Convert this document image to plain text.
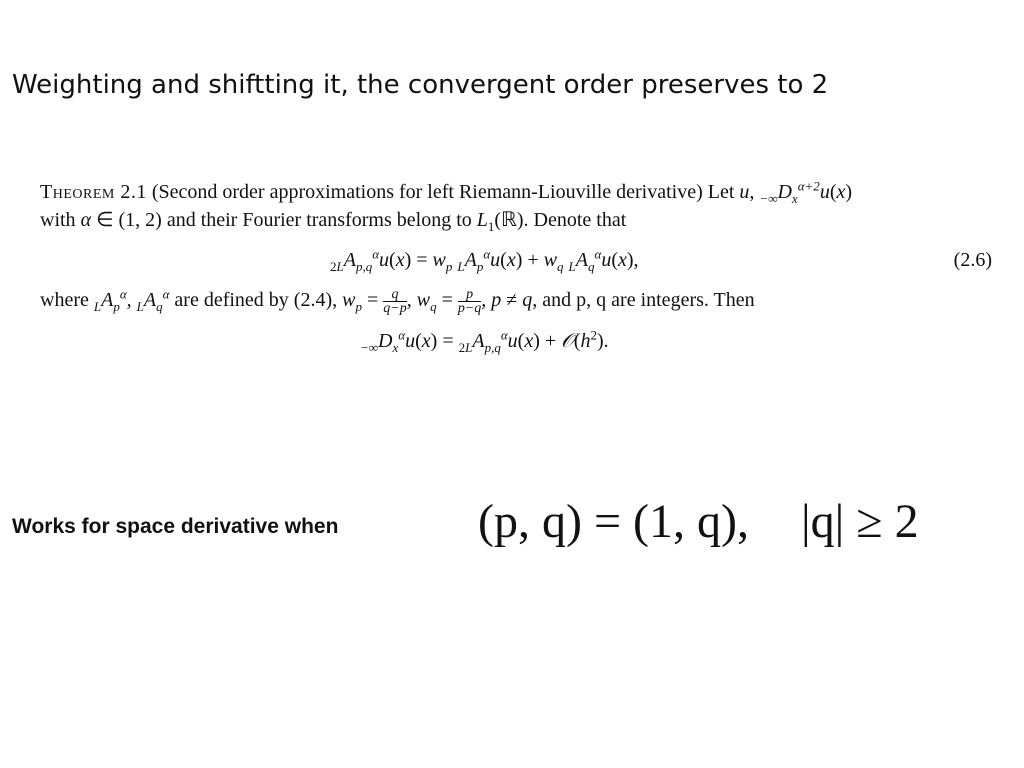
Weighting and shiftting it, the convergent order preserves to 2
Theorem 2.1 (Second order approximations for left Riemann-Liouville derivative) Let u, $_{-\infty}D_x^{\alpha+2}u(x)$
with α ∈ (1, 2) and their Fourier transforms belong to $L_1(ℝ)$. Denote that
$_{2L}A_{p,q}^\alpha u(x) = w_p$ $_LA_p^\alpha u(x) + w_q$ $_LA_q^\alpha u(x)$,	(2.6)
where $_LA_p^\alpha$, $_LA_q^\alpha$ are defined by (2.4), $w_p = \frac{q}{q-p}$ , $w_q = \frac{p}{p-q}$ , p ≠ q, and p, q are integers. Then
$_{-\infty}D_x^\alpha u(x) = _{2L}A_{p,q}^\alpha u(x)$ + $𝒪(h^2)$.
Works for space derivative when	(p, q) = (1, q), |q| ≥ 2
